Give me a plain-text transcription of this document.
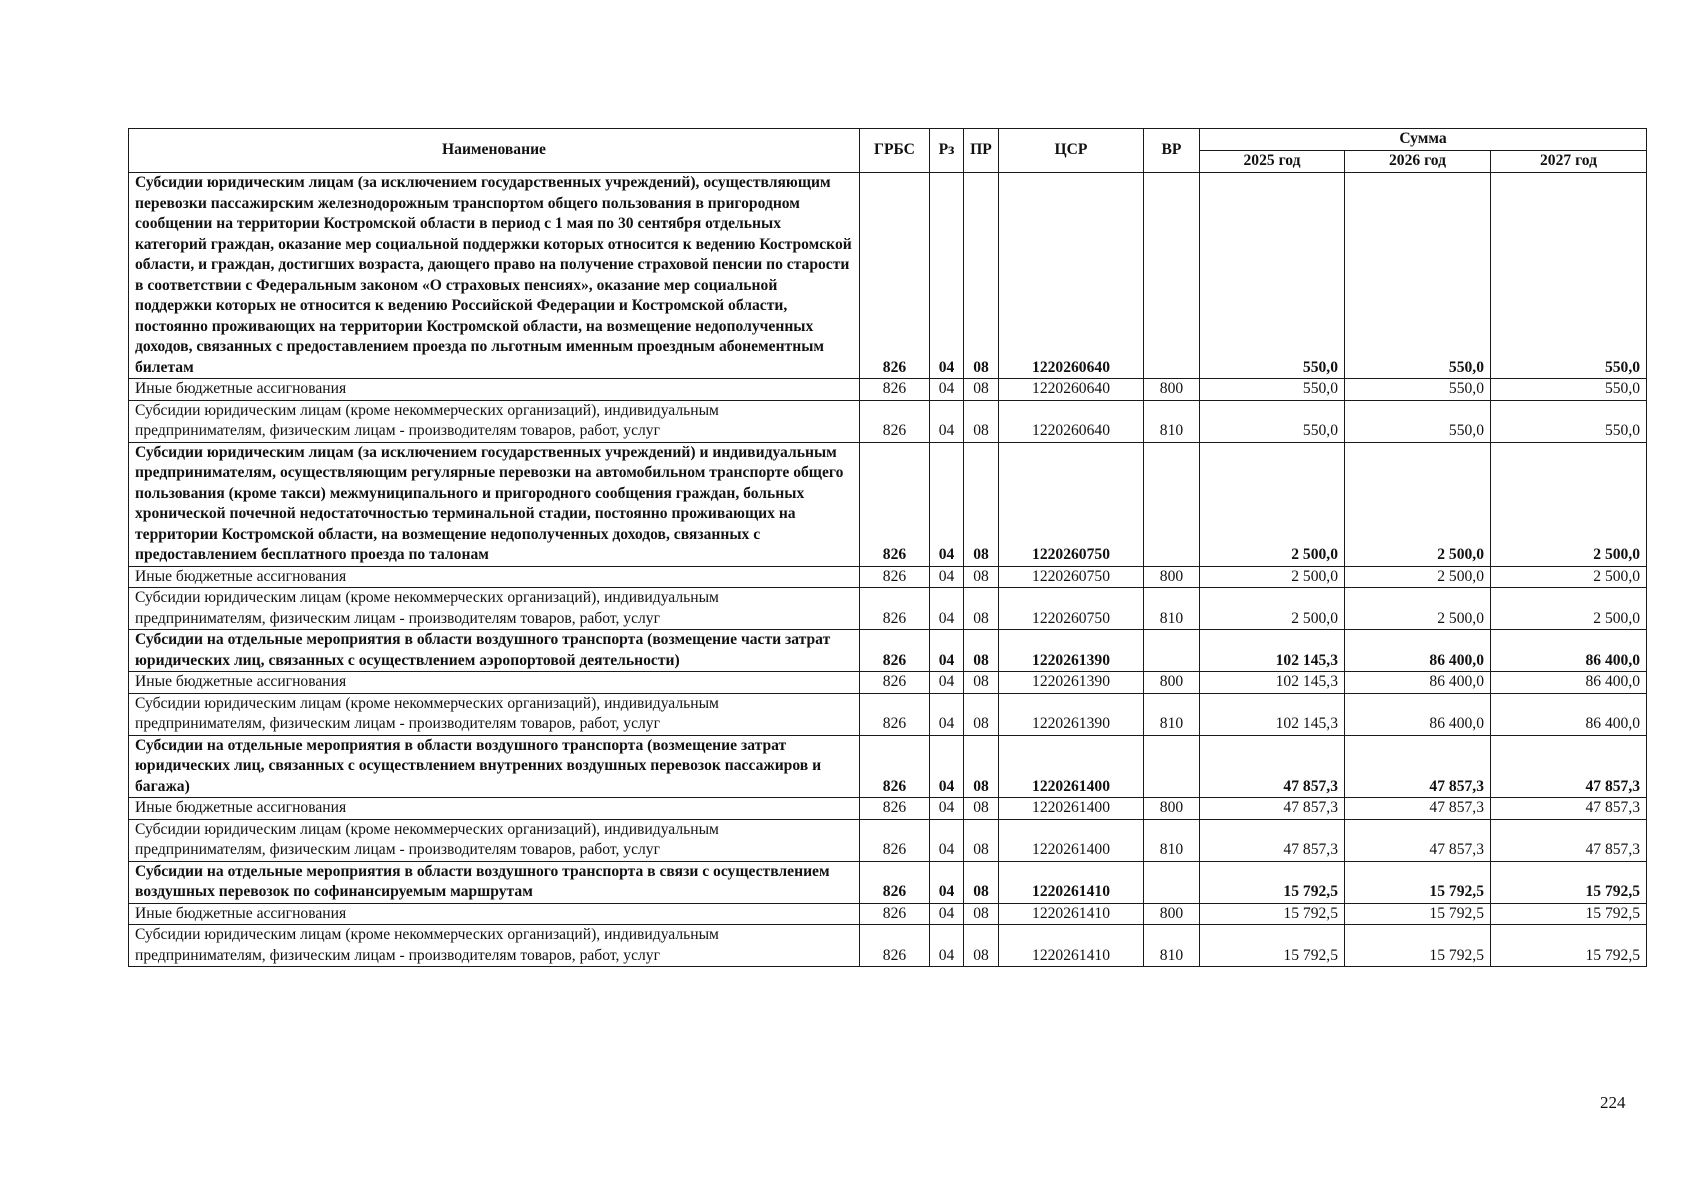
Наименование	ГРБС	Рз	ПР	ЦСР	ВР	Сумма		
						2025 год	2026 год	2027 год
Субсидии юридическим лицам (за исключением государственных учреждений), осуществляющим перевозки пассажирским железнодорожным транспортом общего пользования в пригородном сообщении на территории Костромской области в период с 1 мая по 30 сентября отдельных категорий граждан, оказание мер социальной поддержки которых относится к ведению Костромской области, и граждан, достигших возраста, дающего право на получение страховой пенсии по старости в соответствии с Федеральным законом «О страховых пенсиях», оказание мер социальной поддержки которых не относится к ведению Российской Федерации и Костромской области, постоянно проживающих на территории Костромской области, на возмещение недополученных доходов, связанных с предоставлением проезда по льготным именным проездным абонементным билетам	826	04	08	1220260640		550,0	550,0	550,0
Иные бюджетные ассигнования	826	04	08	1220260640	800	550,0	550,0	550,0
Субсидии юридическим лицам (кроме некоммерческих организаций), индивидуальным предпринимателям, физическим лицам - производителям товаров, работ, услуг	826	04	08	1220260640	810	550,0	550,0	550,0
Субсидии юридическим лицам (за исключением государственных учреждений) и индивидуальным предпринимателям, осуществляющим регулярные перевозки на автомобильном транспорте общего пользования (кроме такси) межмуниципального и пригородного сообщения граждан, больных хронической почечной недостаточностью терминальной стадии, постоянно проживающих на территории Костромской области, на возмещение недополученных доходов, связанных с предоставлением бесплатного проезда по талонам	826	04	08	1220260750		2 500,0	2 500,0	2 500,0
Иные бюджетные ассигнования	826	04	08	1220260750	800	2 500,0	2 500,0	2 500,0
Субсидии юридическим лицам (кроме некоммерческих организаций), индивидуальным предпринимателям, физическим лицам - производителям товаров, работ, услуг	826	04	08	1220260750	810	2 500,0	2 500,0	2 500,0
Субсидии на отдельные мероприятия в области воздушного транспорта (возмещение части затрат юридических лиц, связанных с осуществлением аэропортовой деятельности)	826	04	08	1220261390		102 145,3	86 400,0	86 400,0
Иные бюджетные ассигнования	826	04	08	1220261390	800	102 145,3	86 400,0	86 400,0
Субсидии юридическим лицам (кроме некоммерческих организаций), индивидуальным предпринимателям, физическим лицам - производителям товаров, работ, услуг	826	04	08	1220261390	810	102 145,3	86 400,0	86 400,0
Субсидии на отдельные мероприятия в области воздушного транспорта (возмещение затрат юридических лиц, связанных с осуществлением внутренних воздушных перевозок пассажиров и багажа)	826	04	08	1220261400		47 857,3	47 857,3	47 857,3
Иные бюджетные ассигнования	826	04	08	1220261400	800	47 857,3	47 857,3	47 857,3
Субсидии юридическим лицам (кроме некоммерческих организаций), индивидуальным предпринимателям, физическим лицам - производителям товаров, работ, услуг	826	04	08	1220261400	810	47 857,3	47 857,3	47 857,3
Субсидии на отдельные мероприятия в области воздушного транспорта в связи с осуществлением воздушных перевозок по софинансируемым маршрутам	826	04	08	1220261410		15 792,5	15 792,5	15 792,5
Иные бюджетные ассигнования	826	04	08	1220261410	800	15 792,5	15 792,5	15 792,5
Субсидии юридическим лицам (кроме некоммерческих организаций), индивидуальным предпринимателям, физическим лицам - производителям товаров, работ, услуг	826	04	08	1220261410	810	15 792,5	15 792,5	15 792,5
224
